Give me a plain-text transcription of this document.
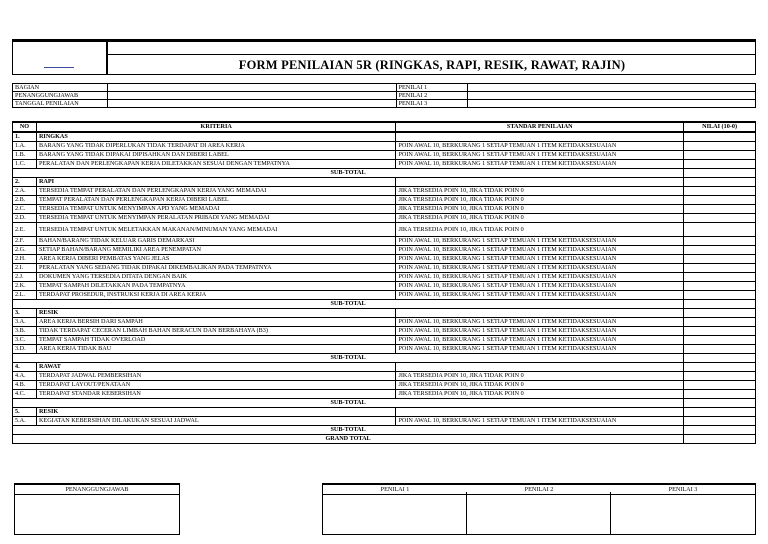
FORM PENILAIAN 5R (RINGKAS, RAPI, RESIK, RAWAT, RAJIN)
BAGIAN		PENILAI 1	
PENANGGUNGJAWAB		PENILAI 2	
TANGGAL PENILAIAN		PENILAI 3	
NO	KRITERIA	STANDAR PENILAIAN	NILAI (10-0)
1.	RINGKAS		
1.A.	BARANG YANG TIDAK DIPERLUKAN TIDAK TERDAPAT DI AREA KERJA	POIN AWAL 10, BERKURANG 1 SETIAP TEMUAN 1 ITEM KETIDAKSESUAIAN	
1.B.	BARANG YANG TIDAK DIPAKAI DIPISAHKAN DAN DIBERI LABEL	POIN AWAL 10, BERKURANG 1 SETIAP TEMUAN 1 ITEM KETIDAKSESUAIAN	
1.C.	PERALATAN DAN PERLENGKAPAN KERJA DILETAKKAN SESUAI DENGAN TEMPATNYA	POIN AWAL 10, BERKURANG 1 SETIAP TEMUAN 1 ITEM KETIDAKSESUAIAN	
SUB-TOTAL			
2.	RAPI		
2.A.	TERSEDIA TEMPAT PERALATAN DAN PERLENGKAPAN KERJA YANG MEMADAI	JIKA TERSEDIA POIN 10, JIKA TIDAK POIN 0	
2.B.	TEMPAT PERALATAN DAN PERLENGKAPAN KERJA DIBERI LABEL	JIKA TERSEDIA POIN 10, JIKA TIDAK POIN 0	
2.C.	TERSEDIA TEMPAT UNTUK MENYIMPAN APD YANG MEMADAI	JIKA TERSEDIA POIN 10, JIKA TIDAK POIN 0	
2.D.	TERSEDIA TEMPAT UNTUK MENYIMPAN PERALATAN PRIBADI YANG MEMADAI	JIKA TERSEDIA POIN 10, JIKA TIDAK POIN 0	
2.E.	TERSEDIA TEMPAT UNTUK MELETAKKAN MAKANAN/MINUMAN YANG MEMADAI	JIKA TERSEDIA POIN 10, JIKA TIDAK POIN 0	
2.F.	BAHAN/BARANG TIDAK KELUAR GARIS DEMARKASI	POIN AWAL 10, BERKURANG 1 SETIAP TEMUAN 1 ITEM KETIDAKSESUAIAN	
2.G.	SETIAP BAHAN/BARANG MEMILIKI AREA PENEMPATAN	POIN AWAL 10, BERKURANG 1 SETIAP TEMUAN 1 ITEM KETIDAKSESUAIAN	
2.H.	AREA KERJA DIBERI PEMBATAS YANG JELAS	POIN AWAL 10, BERKURANG 1 SETIAP TEMUAN 1 ITEM KETIDAKSESUAIAN	
2.I.	PERALATAN YANG SEDANG TIDAK DIPAKAI DIKEMBALIKAN PADA TEMPATNYA	POIN AWAL 10, BERKURANG 1 SETIAP TEMUAN 1 ITEM KETIDAKSESUAIAN	
2.J.	DOKUMEN YANG TERSEDIA DITATA DENGAN BAIK	POIN AWAL 10, BERKURANG 1 SETIAP TEMUAN 1 ITEM KETIDAKSESUAIAN	
2.K.	TEMPAT SAMPAH DILETAKKAN PADA TEMPATNYA	POIN AWAL 10, BERKURANG 1 SETIAP TEMUAN 1 ITEM KETIDAKSESUAIAN	
2.L.	TERDAPAT PROSEDUR, INSTRUKSI KERJA DI AREA KERJA	POIN AWAL 10, BERKURANG 1 SETIAP TEMUAN 1 ITEM KETIDAKSESUAIAN	
SUB-TOTAL			
3.	RESIK		
3.A.	AREA KERJA BERSIH DARI SAMPAH	POIN AWAL 10, BERKURANG 1 SETIAP TEMUAN 1 ITEM KETIDAKSESUAIAN	
3.B.	TIDAK TERDAPAT CECERAN LIMBAH BAHAN BERACUN DAN BERBAHAYA (B3)	POIN AWAL 10, BERKURANG 1 SETIAP TEMUAN 1 ITEM KETIDAKSESUAIAN	
3.C.	TEMPAT SAMPAH TIDAK OVERLOAD	POIN AWAL 10, BERKURANG 1 SETIAP TEMUAN 1 ITEM KETIDAKSESUAIAN	
3.D.	AREA KERJA TIDAK BAU	POIN AWAL 10, BERKURANG 1 SETIAP TEMUAN 1 ITEM KETIDAKSESUAIAN	
SUB-TOTAL			
4.	RAWAT		
4.A.	TERDAPAT JADWAL PEMBERSIHAN	JIKA TERSEDIA POIN 10, JIKA TIDAK POIN 0	
4.B.	TERDAPAT LAYOUT/PENATAAN	JIKA TERSEDIA POIN 10, JIKA TIDAK POIN 0	
4.C.	TERDAPAT STANDAR KEBERSIHAN	JIKA TERSEDIA POIN 10, JIKA TIDAK POIN 0	
SUB-TOTAL			
5.	RESIK		
5.A.	KEGIATAN KEBERSIHAN DILAKUKAN SESUAI JADWAL	POIN AWAL 10, BERKURANG 1 SETIAP TEMUAN 1 ITEM KETIDAKSESUAIAN	
SUB-TOTAL			
GRAND TOTAL			
PENANGGUNGJAWAB	PENILAI 1	PENILAI 2	PENILAI 3
